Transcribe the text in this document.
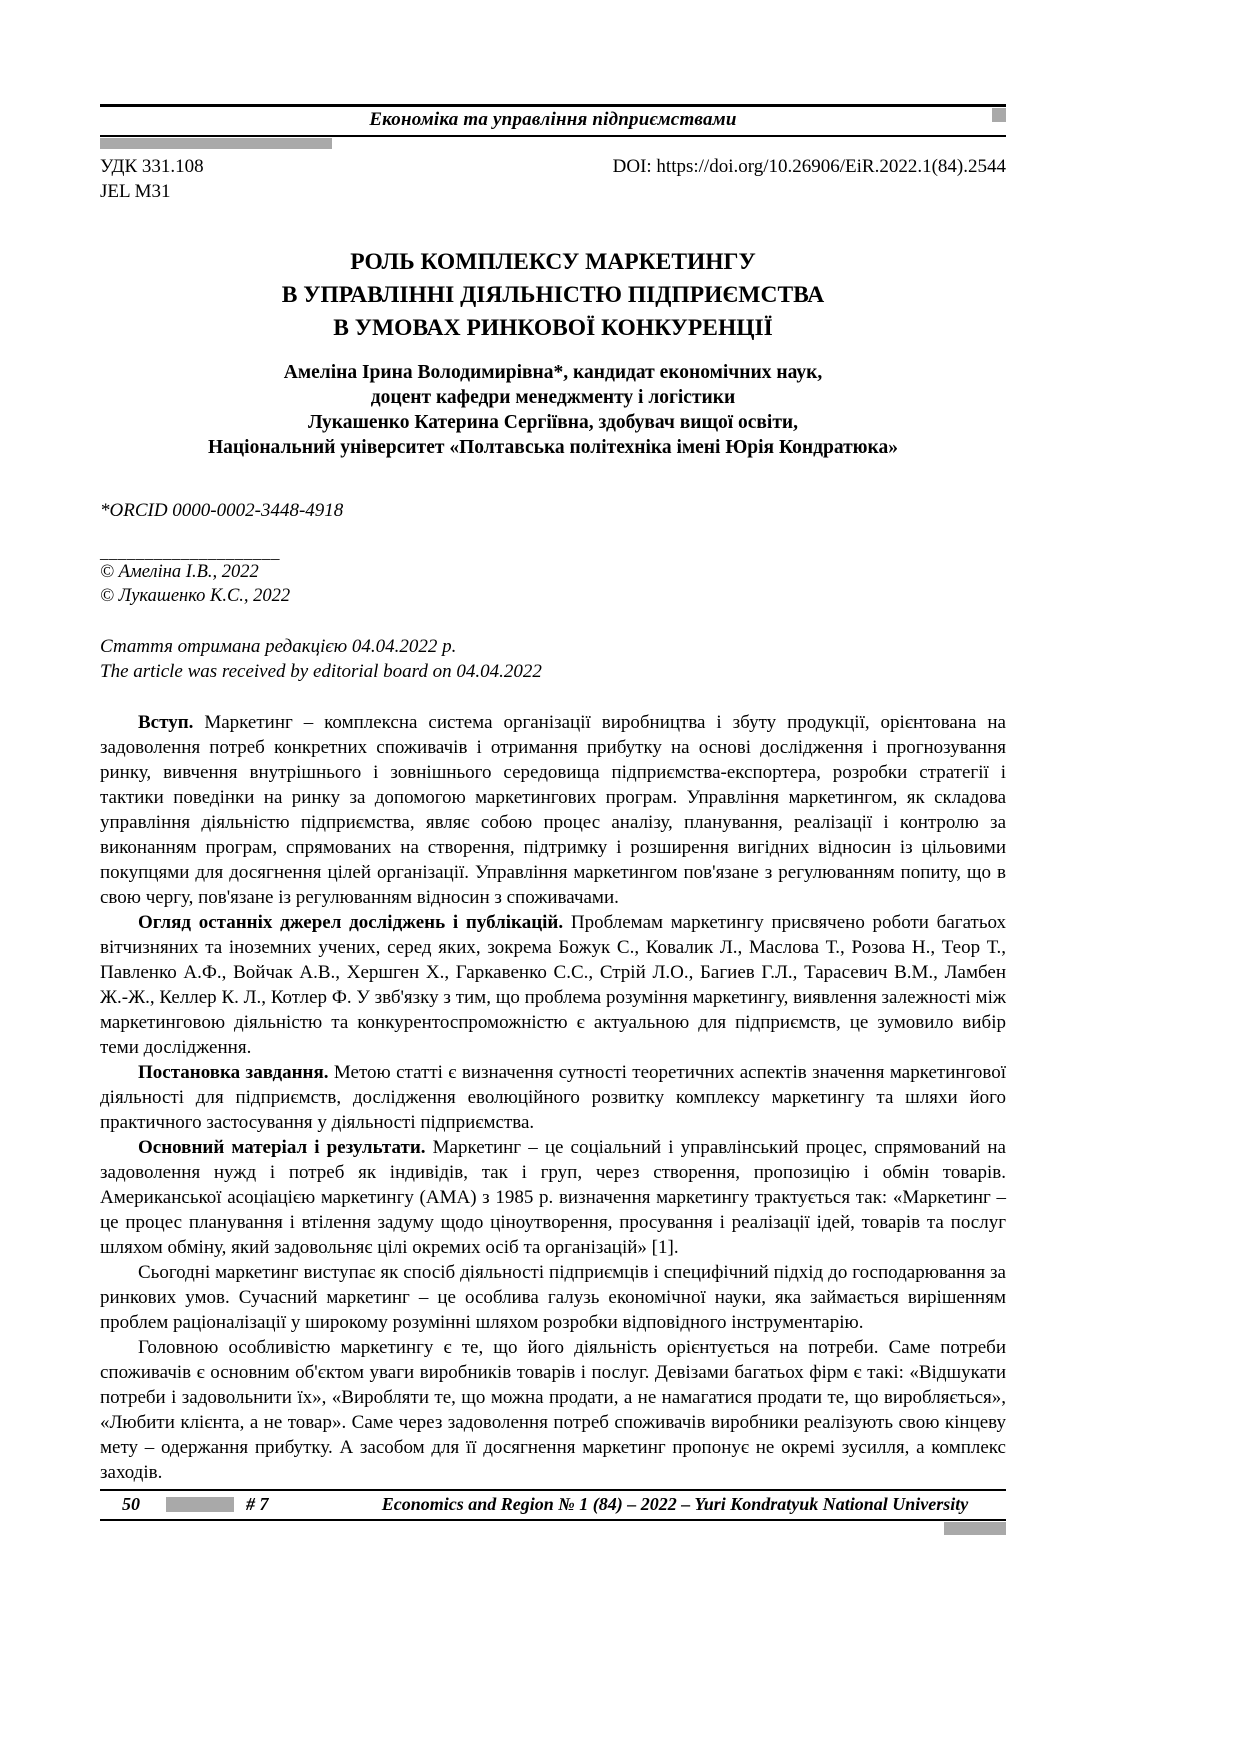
Економіка та управління підприємствами
УДК 331.108
JEL M31
DOI: https://doi.org/10.26906/EiR.2022.1(84).2544
РОЛЬ КОМПЛЕКСУ МАРКЕТИНГУ
В УПРАВЛІННІ ДІЯЛЬНІСТЮ ПІДПРИЄМСТВА
В УМОВАХ РИНКОВОЇ КОНКУРЕНЦІЇ
Амеліна Ірина Володимирівна*, кандидат економічних наук,
доцент кафедри менеджменту і логістики
Лукашенко Катерина Сергіївна, здобувач вищої освіти,
Національний університет «Полтавська політехніка імені Юрія Кондратюка»
*ORCID 0000-0002-3448-4918
____________________
© Амеліна І.В., 2022
© Лукашенко К.С., 2022
Стаття отримана редакцією 04.04.2022 р.
The article was received by editorial board on 04.04.2022

Вступ. Маркетинг – комплексна система організації виробництва і збуту продукції, орієнтована на задоволення потреб конкретних споживачів і отримання прибутку на основі дослідження і прогнозування ринку, вивчення внутрішнього і зовнішнього середовища підприємства-експортера, розробки стратегії і тактики поведінки на ринку за допомогою маркетингових програм. Управління маркетингом, як складова управління діяльністю підприємства, являє собою процес аналізу, планування, реалізації і контролю за виконанням програм, спрямованих на створення, підтримку і розширення вигідних відносин із цільовими покупцями для досягнення цілей організації. Управління маркетингом пов'язане з регулюванням попиту, що в свою чергу, пов'язане із регулюванням відносин з споживачами.

Огляд останніх джерел досліджень і публікацій. Проблемам маркетингу присвячено роботи багатьох вітчизняних та іноземних учених, серед яких, зокрема Божук С., Ковалик Л., Маслова Т., Розова Н., Теор Т., Павленко А.Ф., Войчак А.В., Хершген Х., Гаркавенко С.С., Стрій Л.О., Багиев Г.Л., Тарасевич В.М., Ламбен Ж.-Ж., Келлер К. Л., Котлер Ф. У звб'язку з тим, що проблема розуміння маркетингу, виявлення залежності між маркетинговою діяльністю та конкурентоспроможністю є актуальною для підприємств, це зумовило вибір теми дослідження.

Постановка завдання. Метою статті є визначення сутності теоретичних аспектів значення маркетингової діяльності для підприємств, дослідження еволюційного розвитку комплексу маркетингу та шляхи його практичного застосування у діяльності підприємства.

Основний матеріал і результати. Маркетинг – це соціальний і управлінський процес, спрямований на задоволення нужд і потреб як індивідів, так і груп, через створення, пропозицію і обмін товарів. Американської асоціацією маркетингу (АМА) з 1985 р. визначення маркетингу трактується так: «Маркетинг – це процес планування і втілення задуму щодо ціноутворення, просування і реалізації ідей, товарів та послуг шляхом обміну, який задовольняє цілі окремих осіб та організацій» [1].

Сьогодні маркетинг виступає як спосіб діяльності підприємців і специфічний підхід до господарювання за ринкових умов. Сучасний маркетинг – це особлива галузь економічної науки, яка займається вирішенням проблем раціоналізації у широкому розумінні шляхом розробки відповідного інструментарію.

Головною особливістю маркетингу є те, що його діяльність орієнтується на потреби. Саме потреби споживачів є основним об'єктом уваги виробників товарів і послуг. Девізами багатьох фірм є такі: «Відшукати потреби і задовольнити їх», «Виробляти те, що можна продати, а не намагатися продати те, що виробляється», «Любити клієнта, а не товар». Саме через задоволення потреб споживачів виробники реалізують свою кінцеву мету – одержання прибутку. А засобом для її досягнення маркетинг пропонує не окремі зусилля, а комплекс заходів.

50	# 7	Economics and Region № 1 (84) – 2022 – Yuri Kondratyuk National University
